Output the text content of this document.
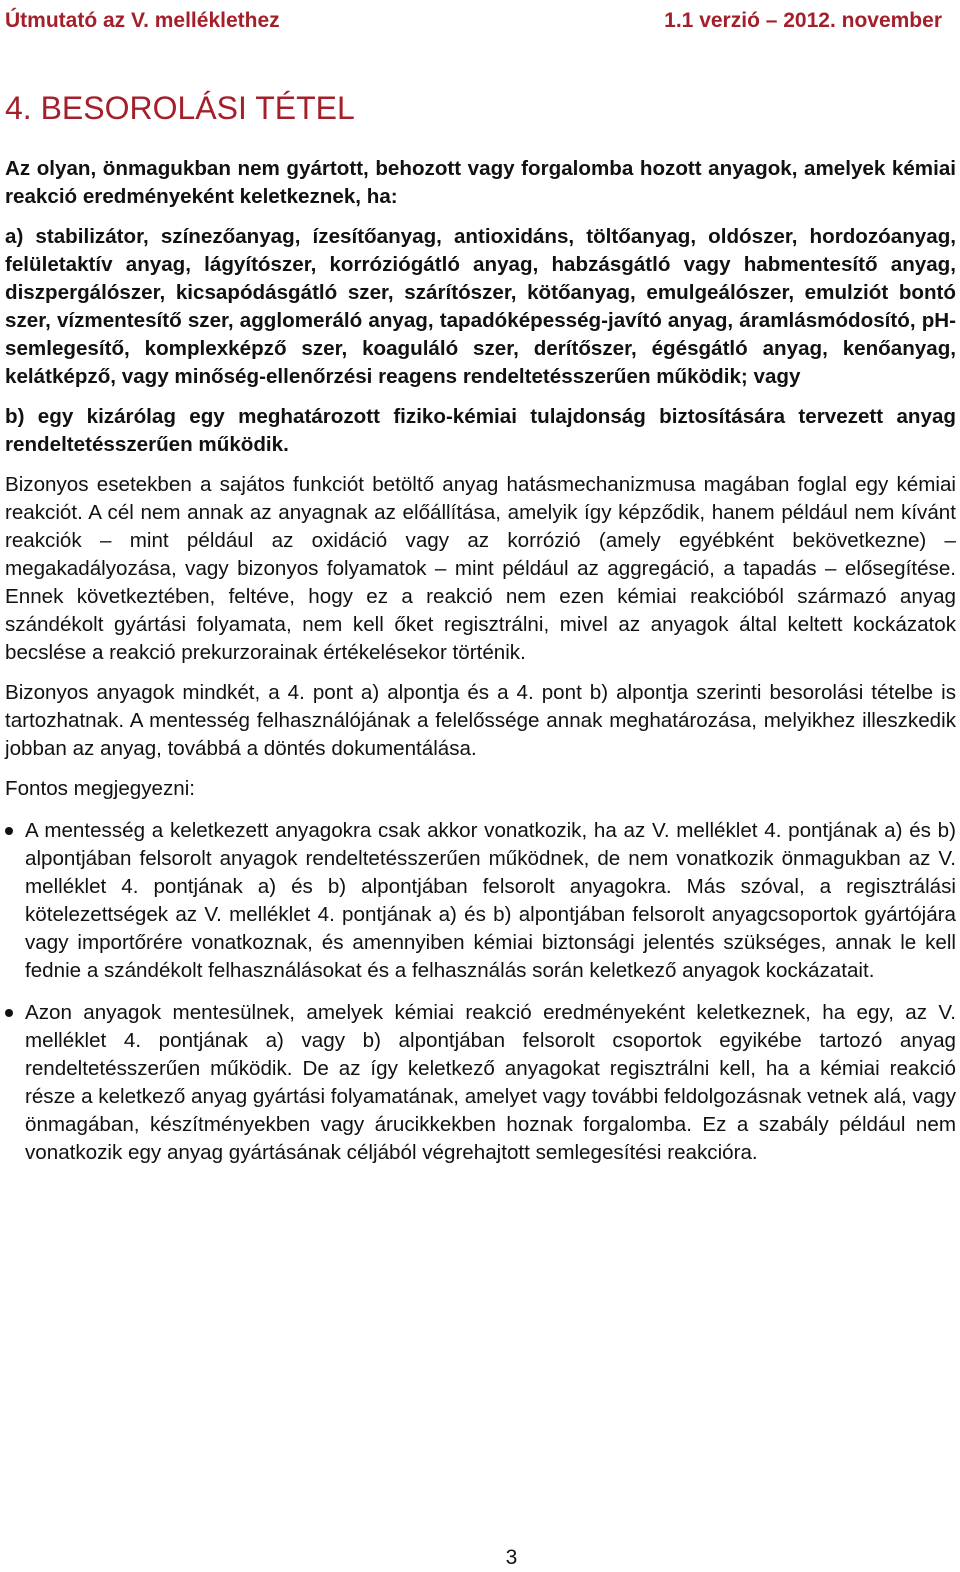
Útmutató az V. melléklethez	1.1 verzió – 2012. november
4. BESOROLÁSI TÉTEL

Az olyan, önmagukban nem gyártott, behozott vagy forgalomba hozott anyagok, amelyek kémiai reakció eredményeként keletkeznek, ha:

a) stabilizátor, színezőanyag, ízesítőanyag, antioxidáns, töltőanyag, oldószer, hordozóanyag, felületaktív anyag, lágyítószer, korróziógátló anyag, habzásgátló vagy habmentesítő anyag, diszpergálószer, kicsapódásgátló szer, szárítószer, kötőanyag, emulgeálószer, emulziót bontó szer, vízmentesítő szer, agglomeráló anyag, tapadóképesség-javító anyag, áramlásmódosító, pH-semlegesítő, komplexképző szer, koaguláló szer, derítőszer, égésgátló anyag, kenőanyag, kelátképző, vagy minőség-ellenőrzési reagens rendeltetésszerűen működik; vagy

b) egy kizárólag egy meghatározott fiziko-kémiai tulajdonság biztosítására tervezett anyag rendeltetésszerűen működik.

Bizonyos esetekben a sajátos funkciót betöltő anyag hatásmechanizmusa magában foglal egy kémiai reakciót. A cél nem annak az anyagnak az előállítása, amelyik így képződik, hanem például nem kívánt reakciók – mint például az oxidáció vagy az korrózió (amely egyébként bekövetkezne) – megakadályozása, vagy bizonyos folyamatok – mint például az aggregáció, a tapadás – elősegítése. Ennek következtében, feltéve, hogy ez a reakció nem ezen kémiai reakcióból származó anyag szándékolt gyártási folyamata, nem kell őket regisztrálni, mivel az anyagok által keltett kockázatok becslése a reakció prekurzorainak értékelésekor történik.

Bizonyos anyagok mindkét, a 4. pont a) alpontja és a 4. pont b) alpontja szerinti besorolási tételbe is tartozhatnak. A mentesség felhasználójának a felelőssége annak meghatározása, melyikhez illeszkedik jobban az anyag, továbbá a döntés dokumentálása.

Fontos megjegyezni:

A mentesség a keletkezett anyagokra csak akkor vonatkozik, ha az V. melléklet 4. pontjának a) és b) alpontjában felsorolt anyagok rendeltetésszerűen működnek, de nem vonatkozik önmagukban az V. melléklet 4. pontjának a) és b) alpontjában felsorolt anyagokra. Más szóval, a regisztrálási kötelezettségek az V. melléklet 4. pontjának a) és b) alpontjában felsorolt anyagcsoportok gyártójára vagy importőrére vonatkoznak, és amennyiben kémiai biztonsági jelentés szükséges, annak le kell fednie a szándékolt felhasználásokat és a felhasználás során keletkező anyagok kockázatait.
Azon anyagok mentesülnek, amelyek kémiai reakció eredményeként keletkeznek, ha egy, az V. melléklet 4. pontjának a) vagy b) alpontjában felsorolt csoportok egyikébe tartozó anyag rendeltetésszerűen működik. De az így keletkező anyagokat regisztrálni kell, ha a kémiai reakció része a keletkező anyag gyártási folyamatának, amelyet vagy további feldolgozásnak vetnek alá, vagy önmagában, készítményekben vagy árucikkekben hoznak forgalomba. Ez a szabály például nem vonatkozik egy anyag gyártásának céljából végrehajtott semlegesítési reakcióra.
3
